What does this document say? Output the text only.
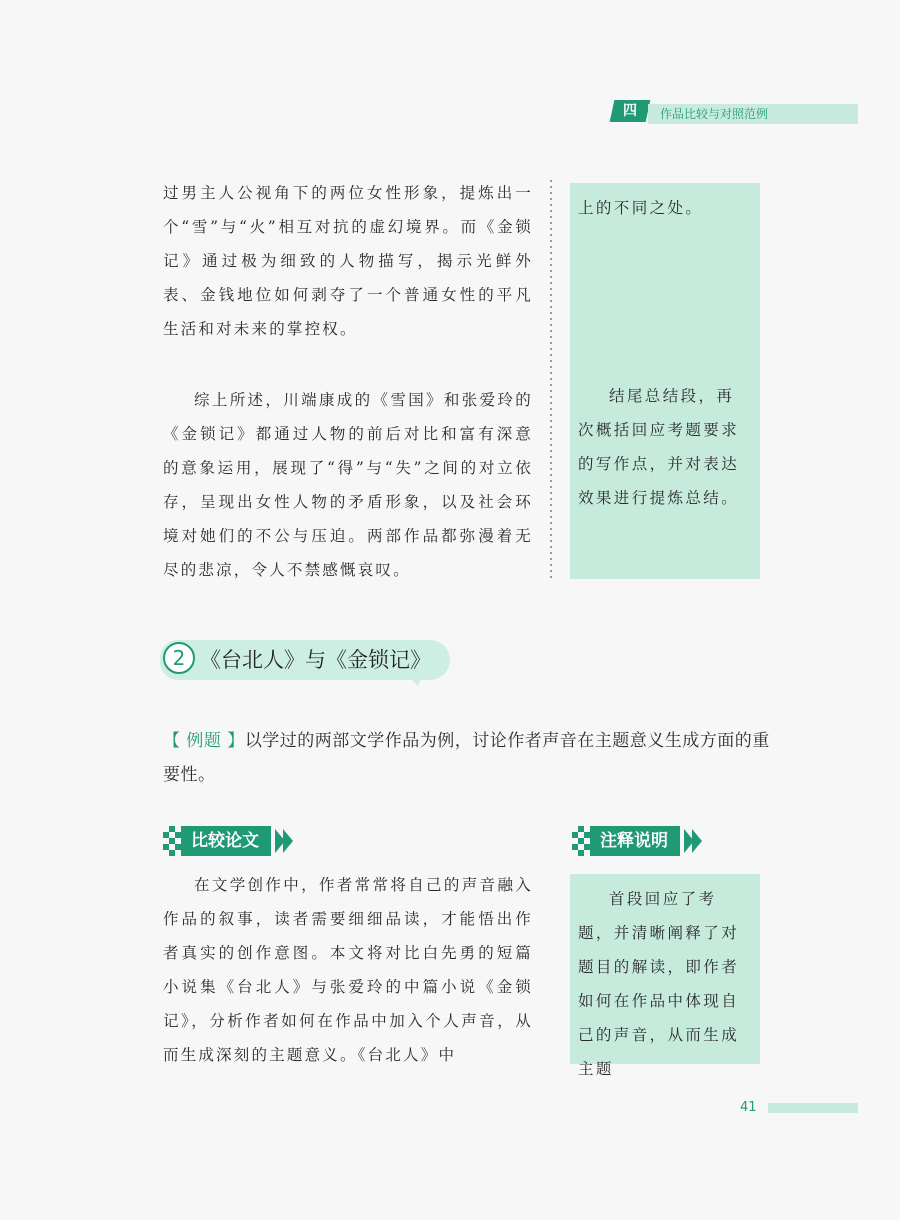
四	作品比较与对照范例

过男主人公视角下的两位女性形象，提炼出一个“雪”与“火”相互对抗的虚幻境界。而《金锁记》通过极为细致的人物描写，揭示光鲜外表、金钱地位如何剥夺了一个普通女性的平凡生活和对未来的掌控权。

综上所述，川端康成的《雪国》和张爱玲的《金锁记》都通过人物的前后对比和富有深意的意象运用，展现了“得”与“失”之间的对立依存，呈现出女性人物的矛盾形象，以及社会环境对她们的不公与压迫。两部作品都弥漫着无尽的悲凉，令人不禁感慨哀叹。

上的不同之处。

结尾总结段，再次概括回应考题要求的写作点，并对表达效果进行提炼总结。

2 《台北人》与《金锁记》

【 例题 】以学过的两部文学作品为例，讨论作者声音在主题意义生成方面的重要性。

比较论文	注释说明

在文学创作中，作者常常将自己的声音融入作品的叙事，读者需要细细品读，才能悟出作者真实的创作意图。本文将对比白先勇的短篇小说集《台北人》与张爱玲的中篇小说《金锁记》，分析作者如何在作品中加入个人声音，从而生成深刻的主题意义。《台北人》中

首段回应了考题，并清晰阐释了对题目的解读，即作者如何在作品中体现自己的声音，从而生成主题

41
